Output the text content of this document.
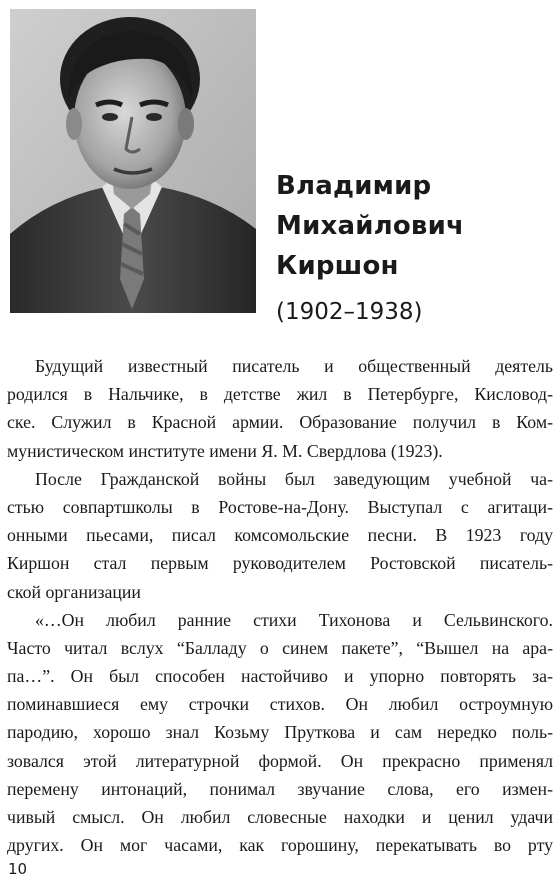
Владимир
Михайлович
Киршон
(1902–1938)
Будущий известный писатель и общественный деятель
родился в Нальчике, в детстве жил в Петербурге, Кисловод-
ске. Служил в Красной армии. Образование получил в Ком-
мунистическом институте имени Я. М. Свердлова (1923).
После Гражданской войны был заведующим учебной ча-
стью совпартшколы в Ростове-на-Дону. Выступал с агитаци-
онными пьесами, писал комсомольские песни. В 1923 году
Киршон стал первым руководителем Ростовской писатель-
ской организации
«…Он любил ранние стихи Тихонова и Сельвинского.
Часто читал вслух “Балладу о синем пакете”, “Вышел на ара-
па…”. Он был способен настойчиво и упорно повторять за-
поминавшиеся ему строчки стихов. Он любил остроумную
пародию, хорошо знал Козьму Пруткова и сам нередко поль-
зовался этой литературной формой. Он прекрасно применял
перемену интонаций, понимал звучание слова, его измен-
чивый смысл. Он любил словесные находки и ценил удачи
других. Он мог часами, как горошину, перекатывать во рту
10
